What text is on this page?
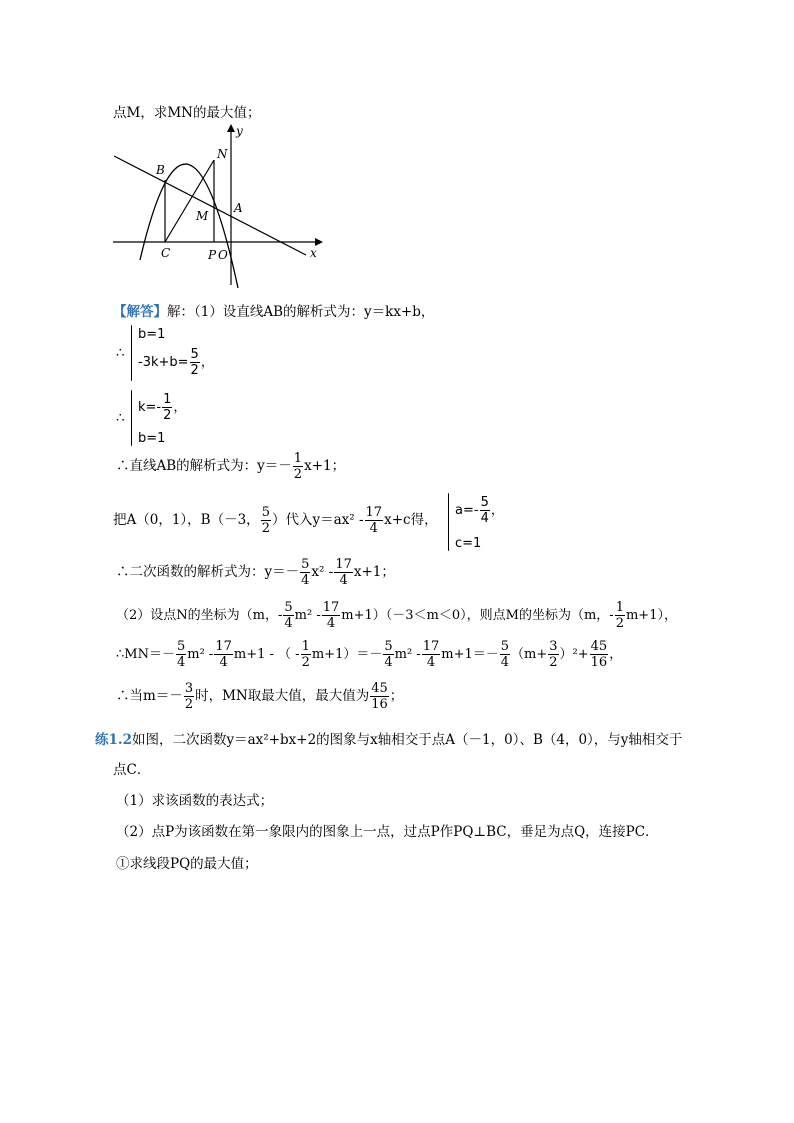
点M，求MN的最大值；
y
N
B
M
A
C	P O	x
【解答】解：（1）设直线AB的解析式为：y＝kx+b，
∴
b=1
$-3k+b= \frac{5}{2}$ ，
∴
$k=- \frac{1}{2}$ ，
b=1
∴直线AB的解析式为：$y=- \frac{1}{2} x+1$；
把A（0，1），B（－3， $\frac{5}{2}$ ）代入$y=ax^2 - \frac{17}{4} x+c$得，
$a=- \frac{5}{4}$ ，
c=1
∴二次函数的解析式为：$y=- \frac{5}{4} x^2 - \frac{17}{4} x+1$；
（2）设点N的坐标为（m，- $\frac{5}{4} m^2 - \frac{17}{4} m+1)(-3<m<0)$，则点M的坐标为（m，- $\frac{1}{2} m+1$），
∴MN＝－ $\frac{5}{4} m^2 - \frac{17}{4} m+1$ - （ - $\frac{1}{2} m+1)=- \frac{5}{4} m^2 - \frac{17}{4} m+1=- \frac{5}{4} (m+ \frac{3}{2} )^2+ \frac{45}{16}$ ，
∴当$m=- \frac{3}{2}$ 时，MN取最大值，最大值为 $\frac{45}{16}$ ；
练1.2如图，二次函数y＝ax²+bx+2的图象与x轴相交于点A（－1，0）、B（4，0），与y轴相交于
点C．
（1）求该函数的表达式；
（2）点P为该函数在第一象限内的图象上一点，过点P作PQ⊥BC，垂足为点Q，连接PC．
①求线段PQ的最大值；
